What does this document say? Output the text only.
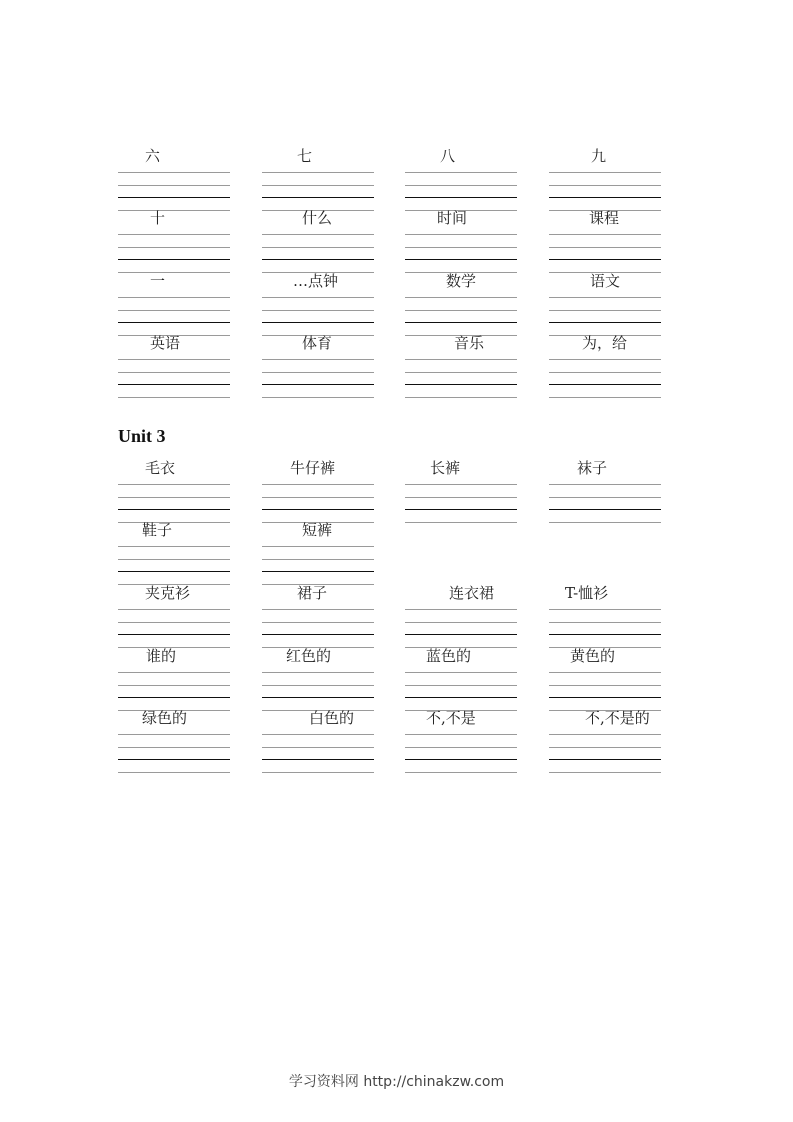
六	七	八	九
十	什么	时间	课程
一	…点钟	数学	语文
英语	体育	音乐	为，给
Unit 3
毛衣	牛仔裤	长裤	袜子
鞋子	短裤
夹克衫	裙子	连衣裙	T-恤衫
谁的	红色的	蓝色的	黄色的
绿色的	白色的	不,不是	不,不是的
学习资料网 http://chinakzw.com
